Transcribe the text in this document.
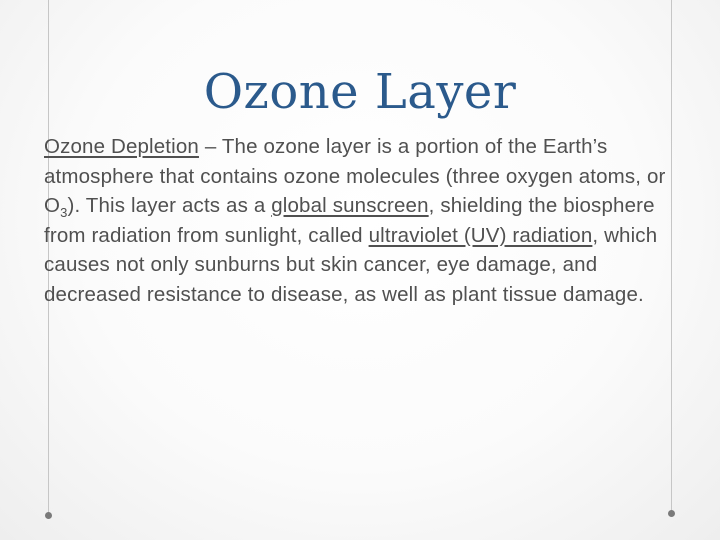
Ozone Layer

Ozone Depletion – The ozone layer is a portion of the Earth’s atmosphere that contains ozone molecules (three oxygen atoms, or $O_3$). This layer acts as a global sunscreen, shielding the biosphere from radiation from sunlight, called ultraviolet (UV) radiation, which causes not only sunburns but skin cancer, eye damage, and decreased resistance to disease, as well as plant tissue damage.
